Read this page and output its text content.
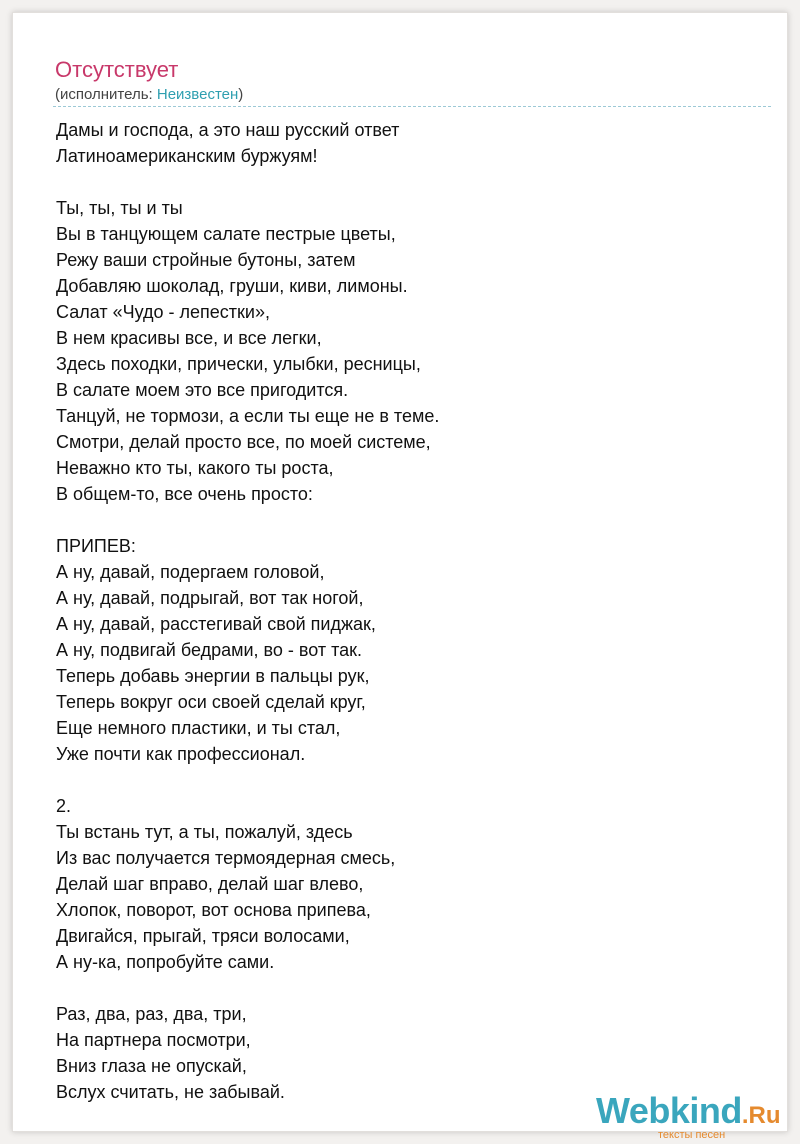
Отсутствует
(исполнитель: Неизвестен)
Дамы и господа, а это наш русский ответ
Латиноамериканским буржуям!
Ты, ты, ты и ты
Вы в танцующем салате пестрые цветы,
Режу ваши стройные бутоны, затем
Добавляю шоколад, груши, киви, лимоны.
Салат «Чудо - лепестки»,
В нем красивы все, и все легки,
Здесь походки, прически, улыбки, ресницы,
В салате моем это все пригодится.
Танцуй, не тормози, а если ты еще не в теме.
Смотри, делай просто все, по моей системе,
Неважно кто ты, какого ты роста,
В общем-то, все очень просто:
ПРИПЕВ:
А ну, давай, подергаем головой,
А ну, давай, подрыгай, вот так ногой,
А ну, давай, расстегивай свой пиджак,
А ну, подвигай бедрами, во - вот так.
Теперь добавь энергии в пальцы рук,
Теперь вокруг оси своей сделай круг,
Еще немного пластики, и ты стал,
Уже почти как профессионал.
2.
Ты встань тут, а ты, пожалуй, здесь
Из вас получается термоядерная смесь,
Делай шаг вправо, делай шаг влево,
Хлопок, поворот, вот основа припева,
Двигайся, прыгай, тряси волосами,
А ну-ка, попробуйте сами.
Раз, два, раз, два, три,
На партнера посмотри,
Вниз глаза не опускай,
Вслух считать, не забывай.	Webkind.Ru
тексты песен
